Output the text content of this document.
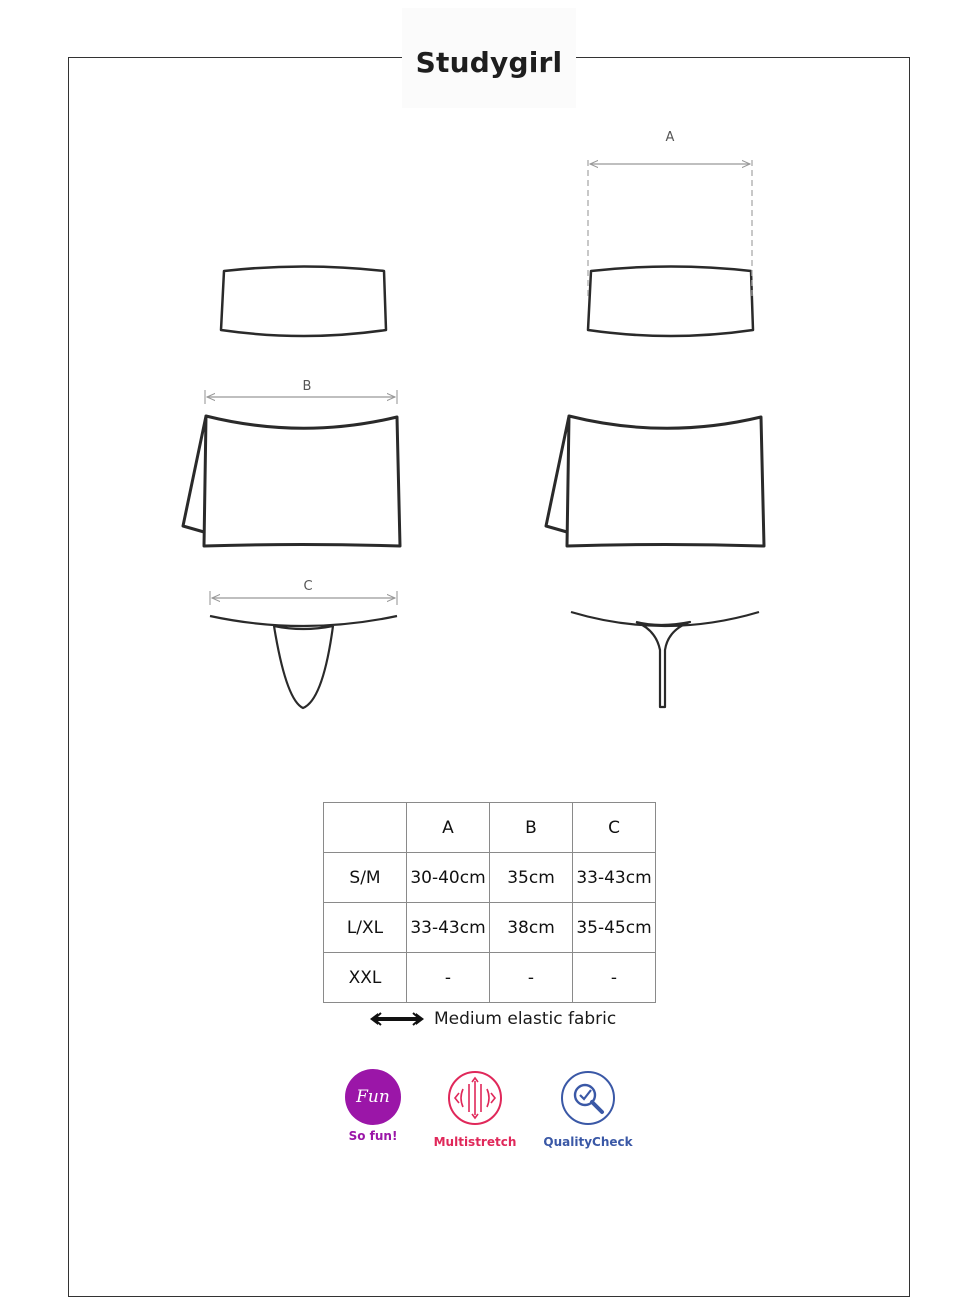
Studygirl
A
B
C
	A	B	C
S/M	30-40cm	35cm	33-43cm
L/XL	33-43cm	38cm	35-45cm
XXL	-	-	-
Medium elastic fabric
Fun
So fun!	Multistretch	QualityCheck
